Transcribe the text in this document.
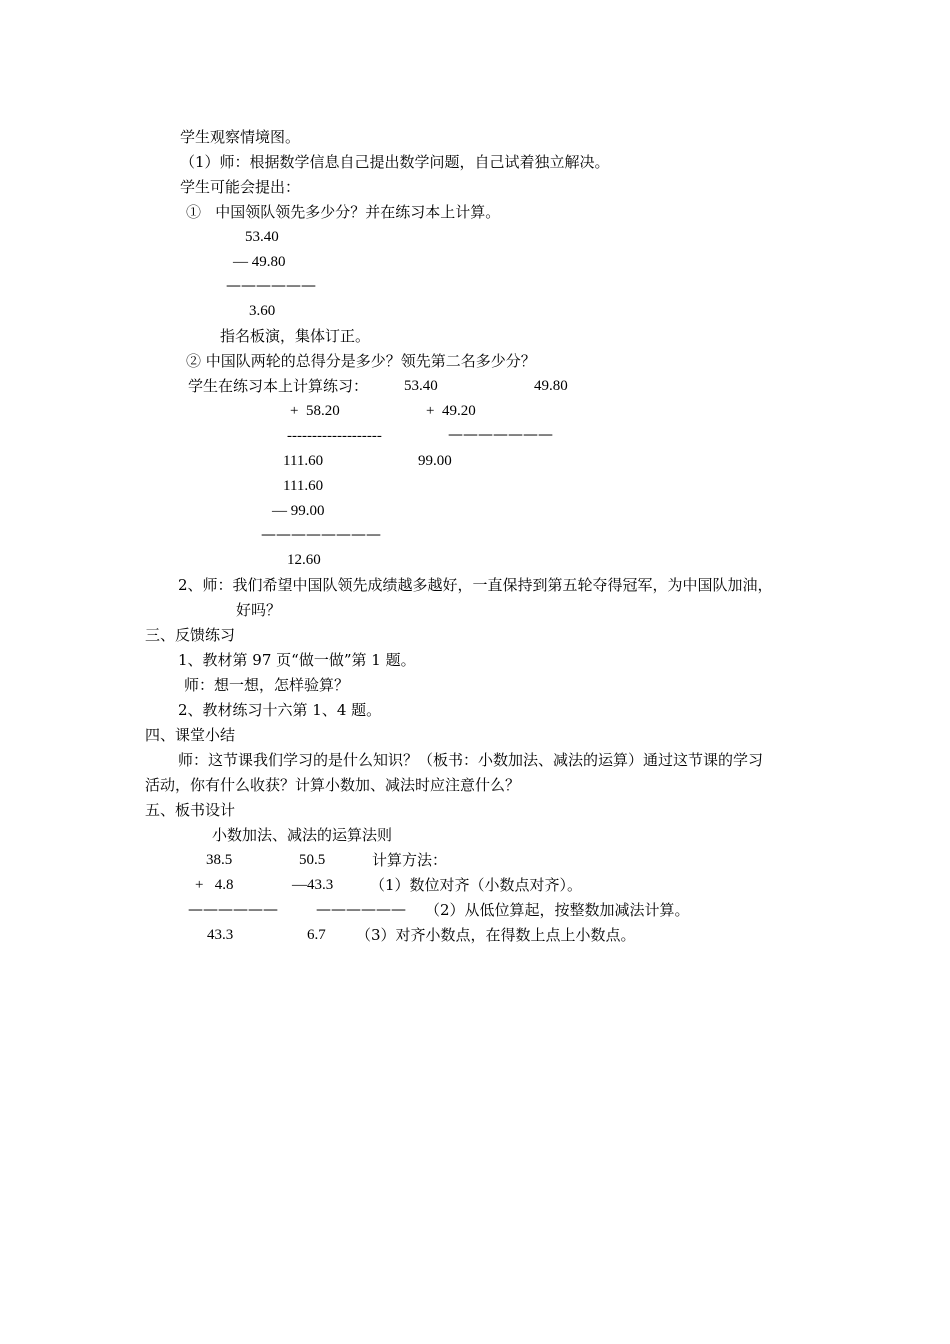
学生观察情境图。
（1）师：根据数学信息自己提出数学问题，自己试着独立解决。
学生可能会提出：
①   中国领队领先多少分？并在练习本上计算。
53.40
— 49.80
——————
3.60
指名板演，集体订正。
② 中国队两轮的总得分是多少？领先第二名多少分？
学生在练习本上计算练习： 53.40	49.80
+  58.20	+  49.20
-------------------	———————
111.60	99.00
111.60
— 99.00
————————
12.60
2、师：我们希望中国队领先成绩越多越好，一直保持到第五轮夺得冠军，为中国队加油，
好吗？
三、反馈练习
1、教材第 97 页“做一做”第 1 题。
师：想一想，怎样验算？
2、教材练习十六第 1、4 题。
四、课堂小结
师：这节课我们学习的是什么知识？（板书：小数加法、减法的运算）通过这节课的学习
活动，你有什么收获？计算小数加、减法时应注意什么？
五、板书设计
小数加法、减法的运算法则
38.5	50.5	计算方法：
+   4.8	—43.3 （1）数位对齐（小数点对齐）。
——————	—————— （2）从低位算起，按整数加减法计算。
43.3	6.7 （3）对齐小数点，在得数上点上小数点。
